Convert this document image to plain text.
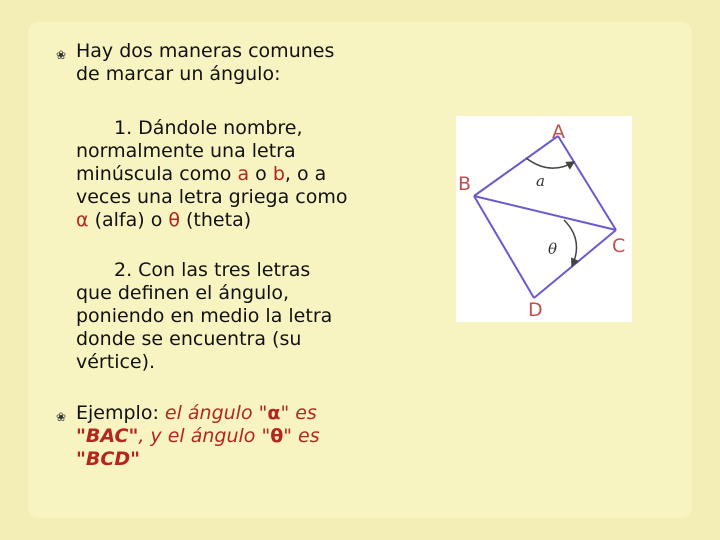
❀ Hay dos maneras comunes
de marcar un ángulo:

1. Dándole nombre,
normalmente una letra
minúscula como a o b, o a
veces una letra griega como
α (alfa) o θ (theta)

2. Con las tres letras
que definen el ángulo,
poniendo en medio la letra
donde se encuentra (su
vértice).

❀ Ejemplo: el ángulo "α" es
"BAC", y el ángulo "θ" es
"BCD"

A
B
C
D
a
θ
